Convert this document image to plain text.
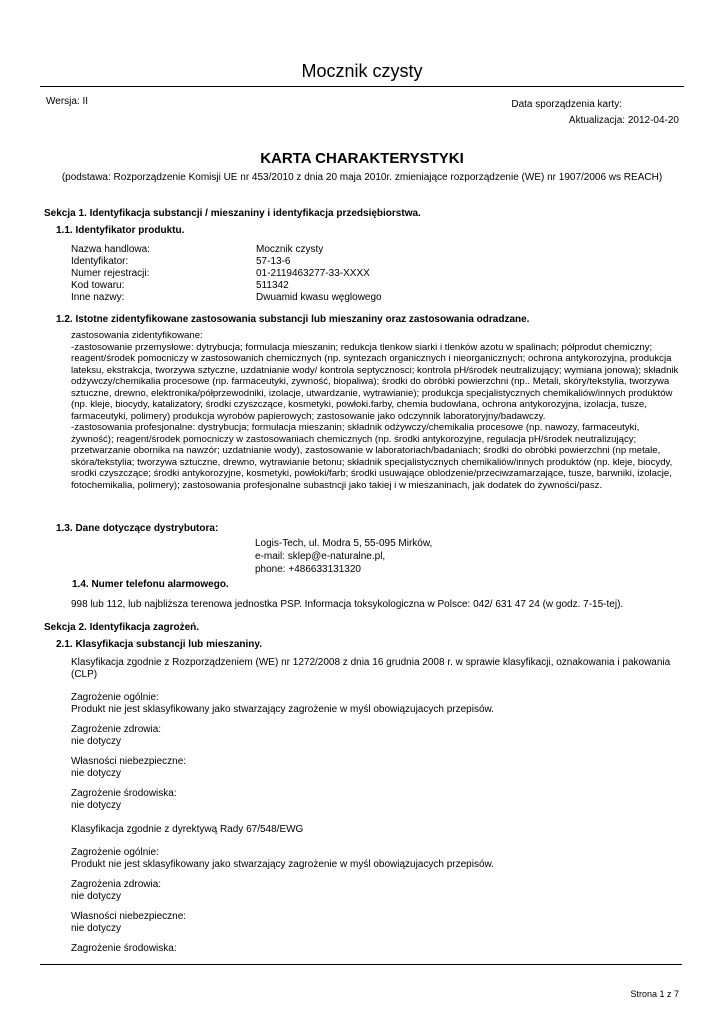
Mocznik czysty
Wersja: II	Data sporządzenia karty:
Aktualizacja: 2012-04-20
KARTA CHARAKTERYSTYKI
(podstawa: Rozporządzenie Komisji UE nr 453/2010 z dnia 20 maja 2010r. zmieniające rozporządzenie (WE) nr 1907/2006 ws REACH)
Sekcja 1. Identyfikacja substancji / mieszaniny i identyfikacja przedsiębiorstwa.
1.1. Identyfikator produktu.
Nazwa handlowa:	Mocznik czysty
Identyfikator:	57-13-6
Numer rejestracji:	01-2119463277-33-XXXX
Kod towaru:	511342
Inne nazwy:	Dwuamid kwasu węglowego
1.2. Istotne zidentyfikowane zastosowania substancji lub mieszaniny oraz zastosowania odradzane.
zastosowania zidentyfikowane:
-zastosowanie przemysłowe: dytrybucja; formulacja mieszanin; redukcja tlenkow siarki i tlenków azotu w spalinach; półprodut chemiczny; reagent/środek pomocniczy w zastosowanich chemicznych (np. syntezach organicznych i nieorganicznych; ochrona antykorozyjna, produkcja lateksu, ekstrakcja, tworzywa sztyczne, uzdatnianie wody/ kontrola septycznosci; kontrola pH/środek neutralizujący; wymiana jonowa); składnik odżywczy/chemikalia procesowe (np. farmaceutyki, zywność, biopaliwa); środki do obróbki powierzchni (np.. Metali, skóry/tekstylia, tworzywa sztuczne, drewno, elektronika/półprzewodniki, izolacje, utwardzanie, wytrawianie); produkcja specjalistycznych chemikaliów/innych produktów (np. kleje, biocydy, katalizatory, środki czyszczące, kosmetyki, powłoki.farby, chemia budowlana, ochrona antykorozyjna, izolacja, tusze, farmaceutyki, polimery) produkcja wyrobów papierowych; zastosowanie jako odczynnik laboratoryjny/badawczy.
-zastosowania profesjonalne: dystrybucja; formulacja mieszanin; składnik odżywczy/chemikalia procesowe (np. nawozy, farmaceutyki, żywność); reagent/środek pomocniczy w zastosowaniach chemicznych (np. środki antykorozyjne, regulacja pH/środek neutralizujący; przetwarzanie obornika na nawzór; uzdatnianie wody), zastosowanie w laboratoriach/badaniach; środki do obróbki powierzchni (np metale, skóra/tekstylia; tworzywa sztuczne, drewno, wytrawianie betonu; składnik specjalistycznych chemikaliów/innych produktów (np. kleje, biocydy, srodki czyszczące; środki antykorozyjne, kosmetyki, powłoki/farb; środki usuwające oblodzenie/przeciwzamarzające, tusze, barwniki, izolacje, fotochemikalia, polimery); zastosowania profesjonalne subastncji jako takiej i w mieszaninach, jak dodatek do żywności/pasz.
1.3. Dane dotyczące dystrybutora:
Logis-Tech, ul. Modra 5, 55-095 Mirków,
e-mail: sklep@e-naturalne.pl,
phone: +486633131320
1.4. Numer telefonu alarmowego.
998 lub 112, lub najbliższa terenowa jednostka PSP. Informacja toksykologiczna w Polsce: 042/ 631 47 24 (w godz. 7-15-tej).
Sekcja 2. Identyfikacja zagrożeń.
2.1. Klasyfikacja substancji lub mieszaniny.
Klasyfikacja zgodnie z Rozporządzeniem (WE) nr 1272/2008 z dnia 16 grudnia 2008 r. w sprawie klasyfikacji, oznakowania i pakowania (CLP)
Zagrożenie ogólnie:
Produkt nie jest sklasyfikowany jako stwarzający zagrożenie w myśl obowiązujacych przepisów.
Zagrożenie zdrowia:
nie dotyczy
Własności niebezpieczne:
nie dotyczy
Zagrożenie środowiska:
nie dotyczy
Klasyfikacja zgodnie z dyrektywą Rady 67/548/EWG
Zagrożenie ogólnie:
Produkt nie jest sklasyfikowany jako stwarzający zagrożenie w myśl obowiązujacych przepisów.
Zagrożenia zdrowia:
nie dotyczy
Własności niebezpieczne:
nie dotyczy
Zagrożenie środowiska:
Strona 1 z 7
